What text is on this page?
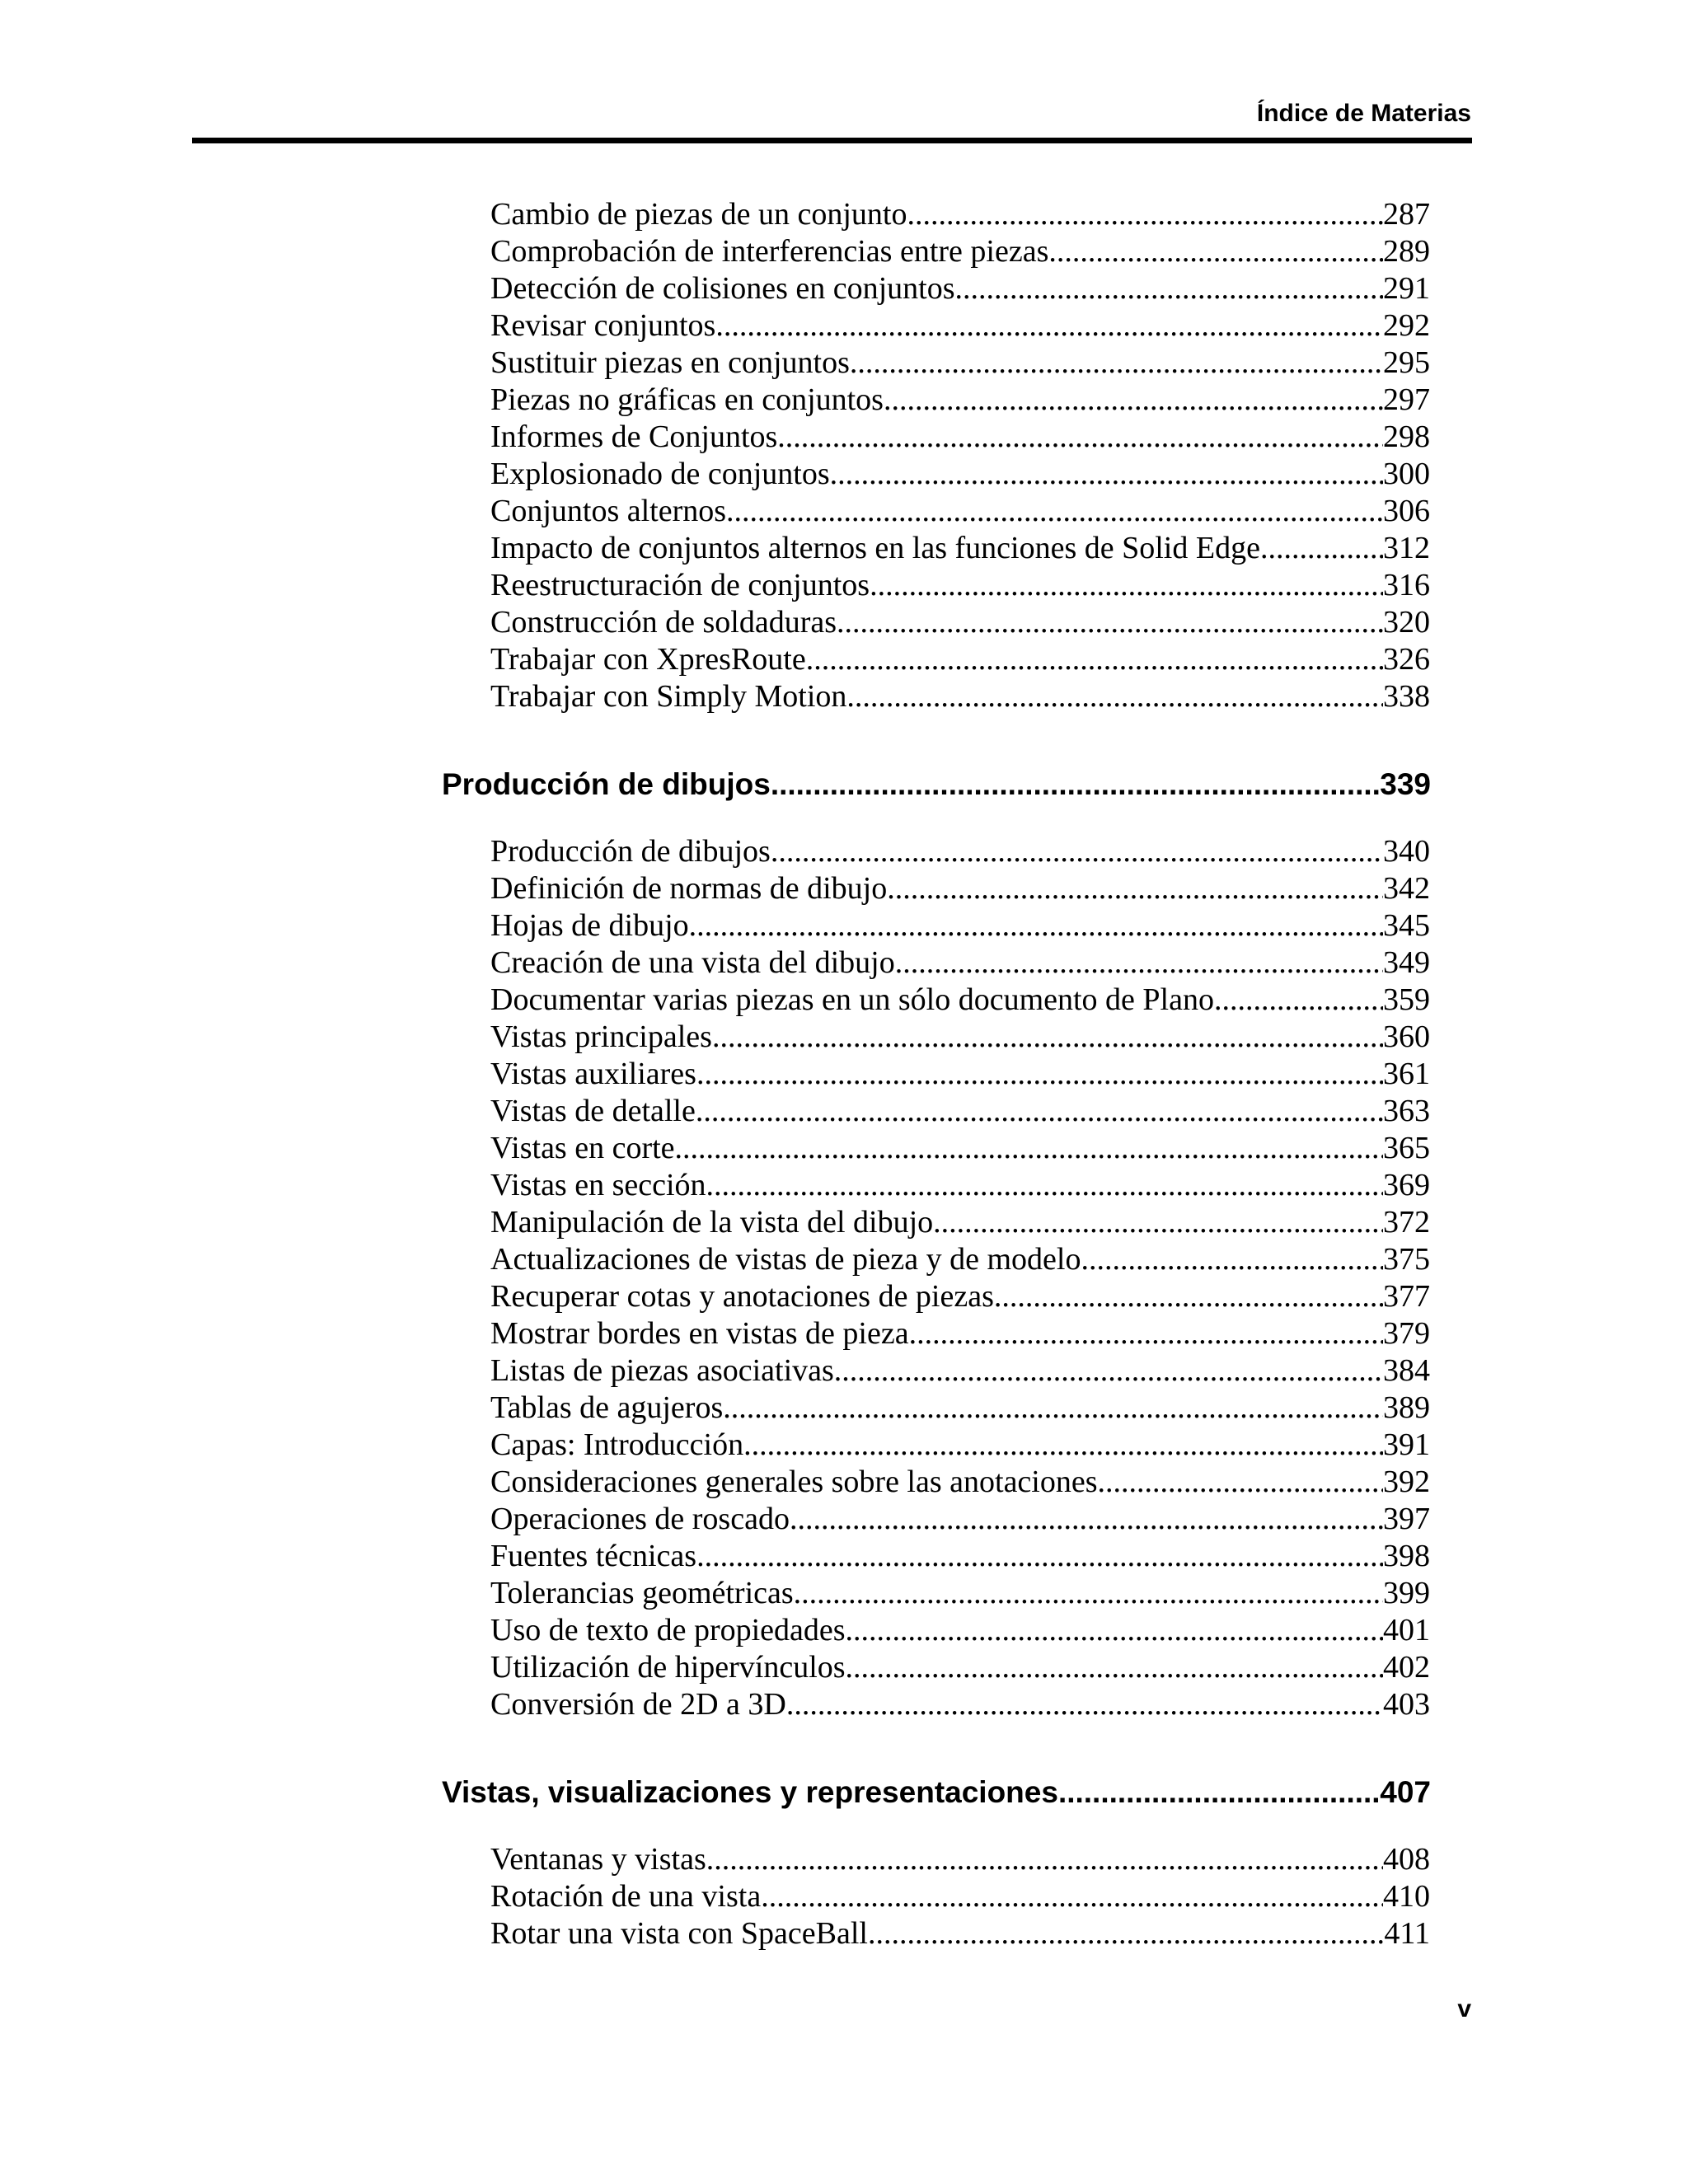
Índice de Materias
Cambio de piezas de un conjunto .....	287
Comprobación de interferencias entre piezas .....	289
Detección de colisiones en conjuntos .....	291
Revisar conjuntos .....	292
Sustituir piezas en conjuntos .....	295
Piezas no gráficas en conjuntos .....	297
Informes de Conjuntos .....	298
Explosionado de conjuntos .....	300
Conjuntos alternos .....	306
Impacto de conjuntos alternos en las funciones de Solid Edge .....	312
Reestructuración de conjuntos .....	316
Construcción de soldaduras .....	320
Trabajar con XpresRoute .....	326
Trabajar con Simply Motion .....	338
Producción de dibujos .....	339
Producción de dibujos .....	340
Definición de normas de dibujo .....	342
Hojas de dibujo .....	345
Creación de una vista del dibujo .....	349
Documentar varias piezas en un sólo documento de Plano .....	359
Vistas principales .....	360
Vistas auxiliares .....	361
Vistas de detalle .....	363
Vistas en corte .....	365
Vistas en sección .....	369
Manipulación de la vista del dibujo .....	372
Actualizaciones de vistas de pieza y de modelo .....	375
Recuperar cotas y anotaciones de piezas .....	377
Mostrar bordes en vistas de pieza .....	379
Listas de piezas asociativas .....	384
Tablas de agujeros .....	389
Capas: Introducción .....	391
Consideraciones generales sobre las anotaciones .....	392
Operaciones de roscado .....	397
Fuentes técnicas .....	398
Tolerancias geométricas .....	399
Uso de texto de propiedades .....	401
Utilización de hipervínculos .....	402
Conversión de 2D a 3D .....	403
Vistas, visualizaciones y representaciones .....	407
Ventanas y vistas .....	408
Rotación de una vista .....	410
Rotar una vista con SpaceBall .....	411
v
